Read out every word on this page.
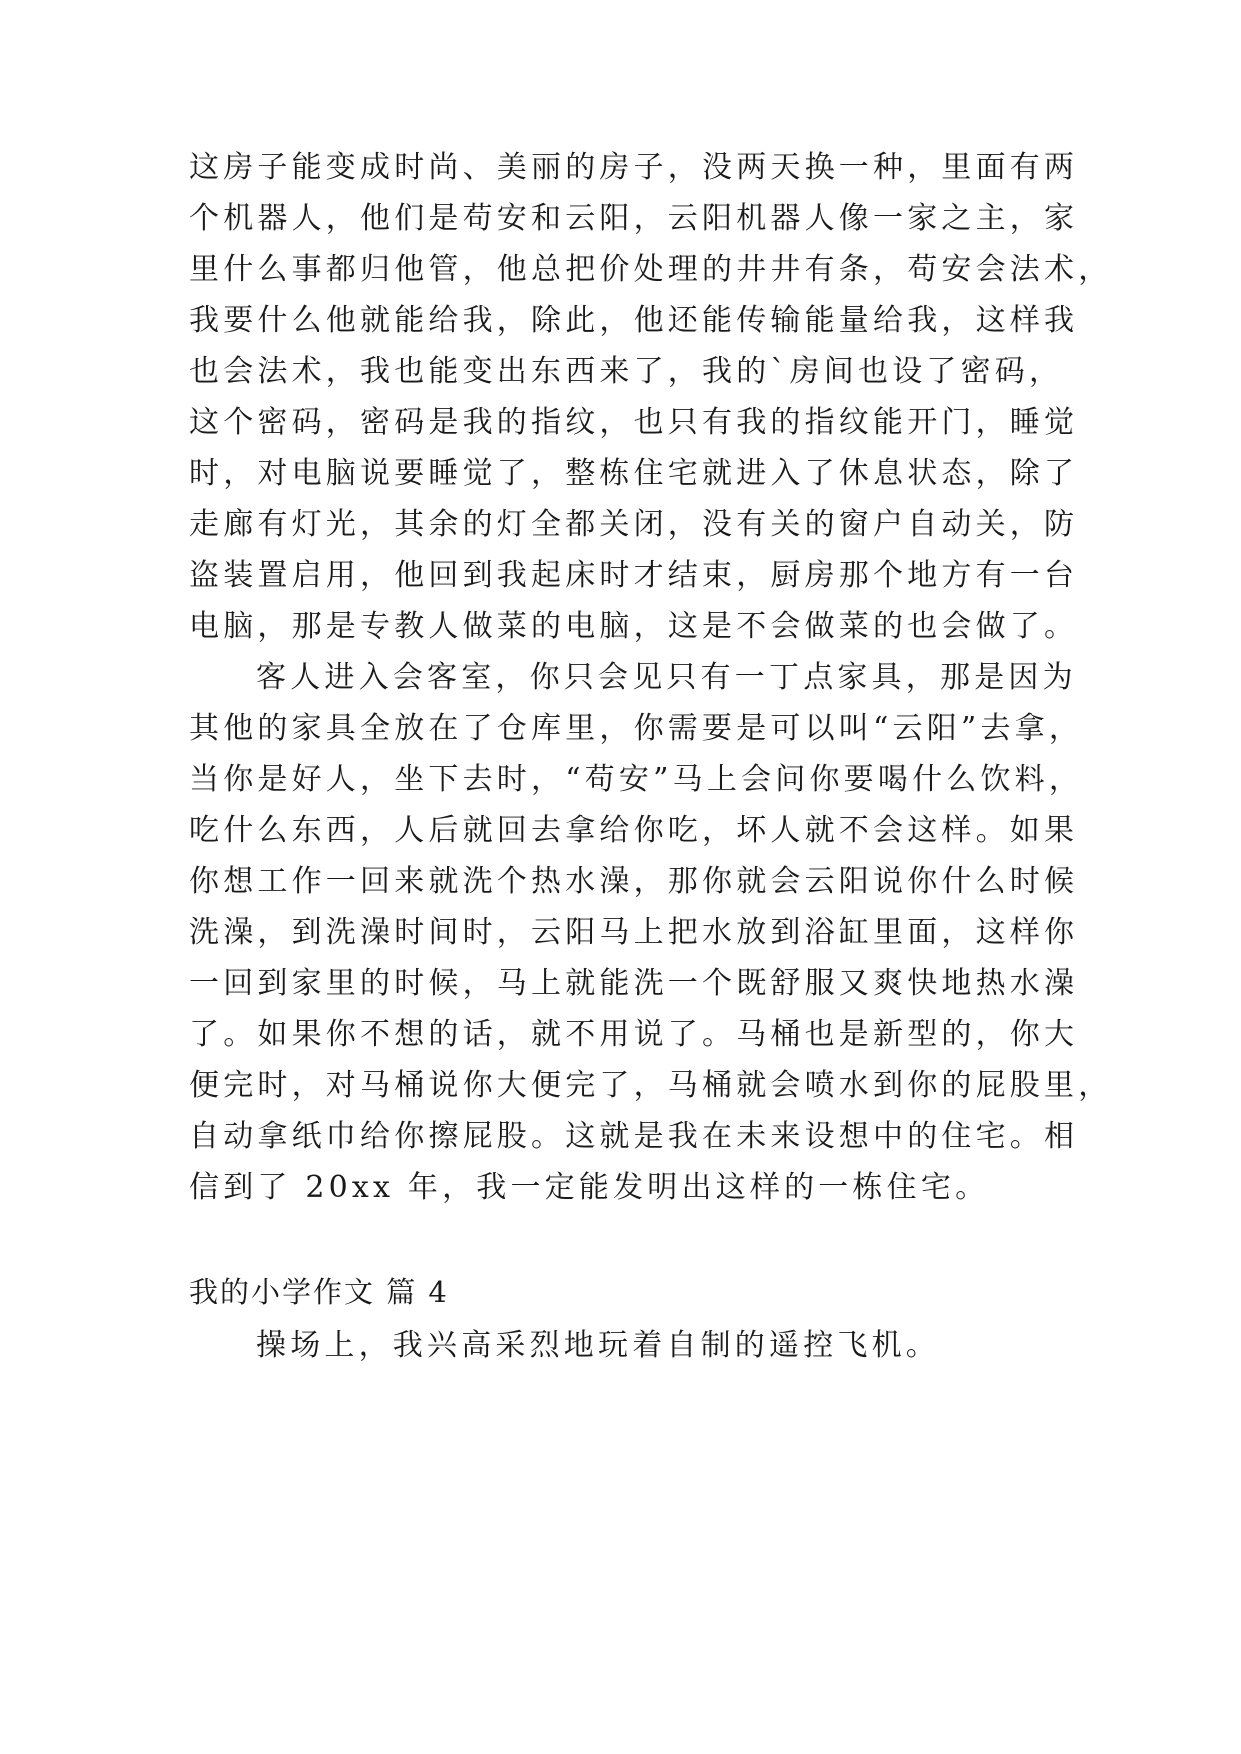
这房子能变成时尚、美丽的房子，没两天换一种，里面有两
个机器人，他们是苟安和云阳，云阳机器人像一家之主，家
里什么事都归他管，他总把价处理的井井有条，苟安会法术，
我要什么他就能给我，除此，他还能传输能量给我，这样我
也会法术，我也能变出东西来了，我的`房间也设了密码，
这个密码，密码是我的指纹，也只有我的指纹能开门，睡觉
时，对电脑说要睡觉了，整栋住宅就进入了休息状态，除了
走廊有灯光，其余的灯全都关闭，没有关的窗户自动关，防
盗装置启用，他回到我起床时才结束，厨房那个地方有一台
电脑，那是专教人做菜的电脑，这是不会做菜的也会做了。
客人进入会客室，你只会见只有一丁点家具，那是因为
其他的家具全放在了仓库里，你需要是可以叫“云阳”去拿，
当你是好人，坐下去时，“苟安”马上会问你要喝什么饮料，
吃什么东西，人后就回去拿给你吃，坏人就不会这样。如果
你想工作一回来就洗个热水澡，那你就会云阳说你什么时候
洗澡，到洗澡时间时，云阳马上把水放到浴缸里面，这样你
一回到家里的时候，马上就能洗一个既舒服又爽快地热水澡
了。如果你不想的话，就不用说了。马桶也是新型的，你大
便完时，对马桶说你大便完了，马桶就会喷水到你的屁股里，
自动拿纸巾给你擦屁股。这就是我在未来设想中的住宅。相
信到了 20xx 年，我一定能发明出这样的一栋住宅。
我的小学作文 篇 4
操场上，我兴高采烈地玩着自制的遥控飞机。
